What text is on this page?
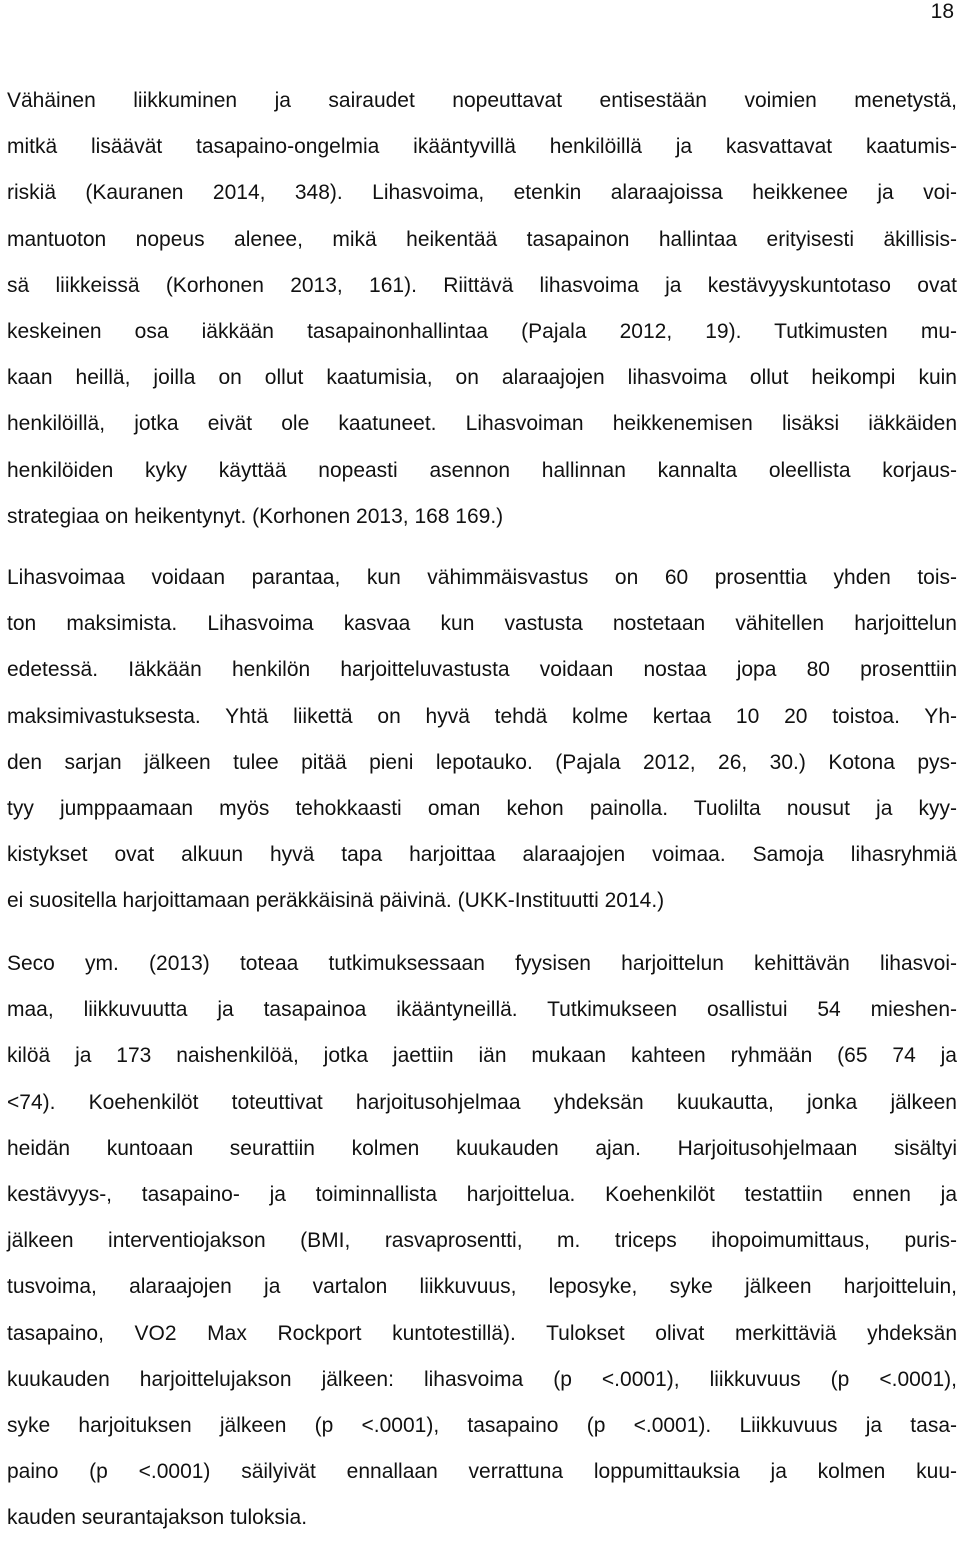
18
Vähäinen liikkuminen ja sairaudet nopeuttavat entisestään voimien menetystä,
mitkä lisäävät tasapaino-ongelmia ikääntyvillä henkilöillä ja kasvattavat kaatumis-
riskiä (Kauranen 2014, 348). Lihasvoima, etenkin alaraajoissa heikkenee ja voi-
mantuoton nopeus alenee, mikä heikentää tasapainon hallintaa erityisesti äkillisis-
sä liikkeissä (Korhonen 2013, 161). Riittävä lihasvoima ja kestävyyskuntotaso ovat
keskeinen osa iäkkään tasapainonhallintaa (Pajala 2012, 19). Tutkimusten mu-
kaan heillä, joilla on ollut kaatumisia, on alaraajojen lihasvoima ollut heikompi kuin
henkilöillä, jotka eivät ole kaatuneet. Lihasvoiman heikkenemisen lisäksi iäkkäiden
henkilöiden kyky käyttää nopeasti asennon hallinnan kannalta oleellista korjaus-
strategiaa on heikentynyt. (Korhonen 2013, 168 169.)
Lihasvoimaa voidaan parantaa, kun vähimmäisvastus on 60 prosenttia yhden tois-
ton maksimista. Lihasvoima kasvaa kun vastusta nostetaan vähitellen harjoittelun
edetessä. Iäkkään henkilön harjoitteluvastusta voidaan nostaa jopa 80 prosenttiin
maksimivastuksesta. Yhtä liikettä on hyvä tehdä kolme kertaa 10 20 toistoa. Yh-
den sarjan jälkeen tulee pitää pieni lepotauko. (Pajala 2012, 26, 30.) Kotona pys-
tyy jumppaamaan myös tehokkaasti oman kehon painolla. Tuolilta nousut ja kyy-
kistykset ovat alkuun hyvä tapa harjoittaa alaraajojen voimaa. Samoja lihasryhmiä
ei suositella harjoittamaan peräkkäisinä päivinä. (UKK-Instituutti 2014.)
Seco ym. (2013) toteaa tutkimuksessaan fyysisen harjoittelun kehittävän lihasvoi-
maa, liikkuvuutta ja tasapainoa ikääntyneillä. Tutkimukseen osallistui 54 mieshen-
kilöä ja 173 naishenkilöä, jotka jaettiin iän mukaan kahteen ryhmään (65 74 ja
<74). Koehenkilöt toteuttivat harjoitusohjelmaa yhdeksän kuukautta, jonka jälkeen
heidän kuntoaan seurattiin kolmen kuukauden ajan. Harjoitusohjelmaan sisältyi
kestävyys-, tasapaino- ja toiminnallista harjoittelua. Koehenkilöt testattiin ennen ja
jälkeen interventiojakson (BMI, rasvaprosentti, m. triceps ihopoimumittaus, puris-
tusvoima, alaraajojen ja vartalon liikkuvuus, leposyke, syke jälkeen harjoitteluin,
tasapaino, VO2 Max Rockport kuntotestillä). Tulokset olivat merkittäviä yhdeksän
kuukauden harjoittelujakson jälkeen: lihasvoima (p <.0001), liikkuvuus (p <.0001),
syke harjoituksen jälkeen (p <.0001), tasapaino (p <.0001). Liikkuvuus ja tasa-
paino (p <.0001) säilyivät ennallaan verrattuna loppumittauksia ja kolmen kuu-
kauden seurantajakson tuloksia.
